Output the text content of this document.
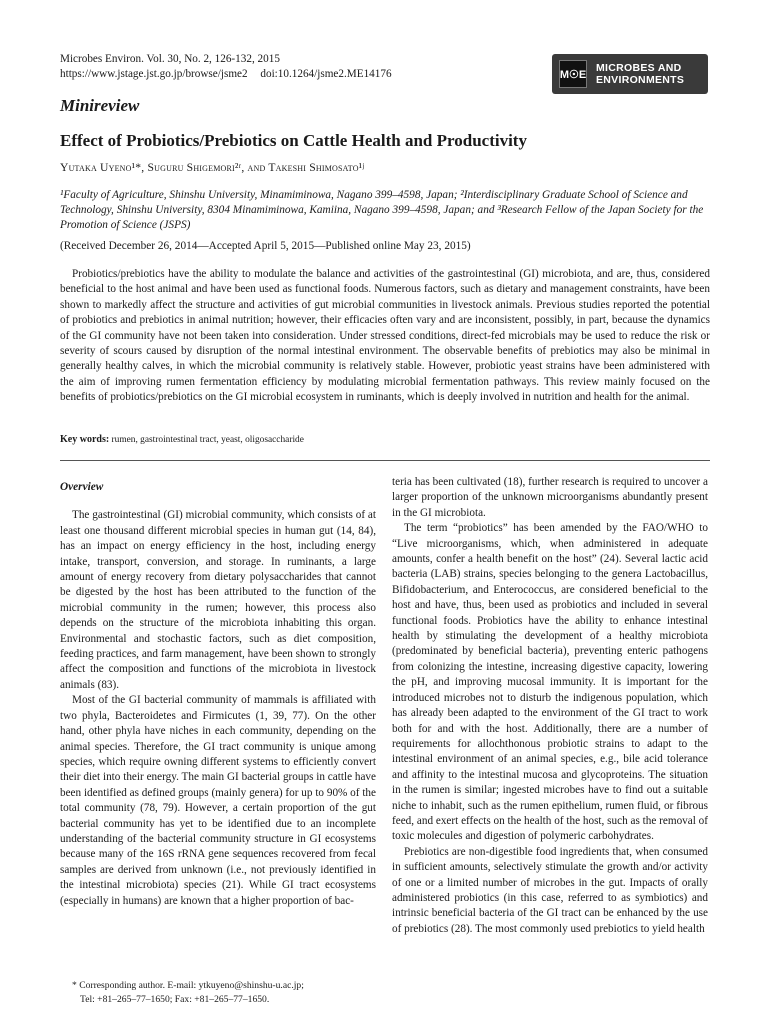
Microbes Environ. Vol. 30, No. 2, 126-132, 2015
https://www.jstage.jst.go.jp/browse/jsme2 doi:10.1264/jsme2.ME14176	M☉E
MICROBES AND
ENVIRONMENTS
Minireview
Effect of Probiotics/Prebiotics on Cattle Health and Productivity
Yutaka Uyeno¹*, Suguru Shigemori²ʳ, and Takeshi Shimosato¹ʲ
¹Faculty of Agriculture, Shinshu University, Minamiminowa, Nagano 399–4598, Japan; ²Interdisciplinary Graduate School of Science and Technology, Shinshu University, 8304 Minamiminowa, Kamiina, Nagano 399–4598, Japan; and ³Research Fellow of the Japan Society for the Promotion of Science (JSPS)
(Received December 26, 2014—Accepted April 5, 2015—Published online May 23, 2015)

Probiotics/prebiotics have the ability to modulate the balance and activities of the gastrointestinal (GI) microbiota, and are, thus, considered beneficial to the host animal and have been used as functional foods. Numerous factors, such as dietary and management constraints, have been shown to markedly affect the structure and activities of gut microbial communities in livestock animals. Previous studies reported the potential of probiotics and prebiotics in animal nutrition; however, their efficacies often vary and are inconsistent, possibly, in part, because the dynamics of the GI community have not been taken into consideration. Under stressed conditions, direct-fed microbials may be used to reduce the risk or severity of scours caused by disruption of the normal intestinal environment. The observable benefits of prebiotics may also be minimal in generally healthy calves, in which the microbial community is relatively stable. However, probiotic yeast strains have been administered with the aim of improving rumen fermentation efficiency by modulating microbial fermentation pathways. This review mainly focused on the benefits of probiotics/prebiotics on the GI microbial ecosystem in ruminants, which is deeply involved in nutrition and health for the animal.

Key words: rumen, gastrointestinal tract, yeast, oligosaccharide
Overview

The gastrointestinal (GI) microbial community, which consists of at least one thousand different microbial species in human gut (14, 84), has an impact on energy efficiency in the host, including energy intake, transport, conversion, and storage. In ruminants, a large amount of energy recovery from dietary polysaccharides that cannot be digested by the host has been attributed to the function of the microbial community in the rumen; however, this process also depends on the structure of the microbiota inhabiting this organ. Environmental and stochastic factors, such as diet composition, feeding practices, and farm management, have been shown to strongly affect the composition and functions of the microbiota in livestock animals (83).

Most of the GI bacterial community of mammals is affiliated with two phyla, Bacteroidetes and Firmicutes (1, 39, 77). On the other hand, other phyla have niches in each community, depending on the animal species. Therefore, the GI tract community is unique among species, which require owning different systems to efficiently convert their diet into their energy. The main GI bacterial groups in cattle have been identified as defined groups (mainly genera) for up to 90% of the total community (78, 79). However, a certain proportion of the gut bacterial community has yet to be identified due to an incomplete understanding of the bacterial community structure in GI ecosystems because many of the 16S rRNA gene sequences recovered from fecal samples are derived from unknown (i.e., not previously identified in the intestinal microbiota) species (21). While GI tract ecosystems (especially in humans) are known that a higher proportion of bac-

teria has been cultivated (18), further research is required to uncover a larger proportion of the unknown microorganisms abundantly present in the GI microbiota.

The term “probiotics” has been amended by the FAO/WHO to “Live microorganisms, which, when administered in adequate amounts, confer a health benefit on the host” (24). Several lactic acid bacteria (LAB) strains, species belonging to the genera Lactobacillus, Bifidobacterium, and Enterococcus, are considered beneficial to the host and have, thus, been used as probiotics and included in several functional foods. Probiotics have the ability to enhance intestinal health by stimulating the development of a healthy microbiota (predominated by beneficial bacteria), preventing enteric pathogens from colonizing the intestine, increasing digestive capacity, lowering the pH, and improving mucosal immunity. It is important for the introduced microbes not to disturb the indigenous population, which has already been adapted to the environment of the GI tract to work both for and with the host. Additionally, there are a number of requirements for allochthonous probiotic strains to adapt to the intestinal environment of an animal species, e.g., bile acid tolerance and affinity to the intestinal mucosa and glycoproteins. The situation in the rumen is similar; ingested microbes have to find out a suitable niche to inhabit, such as the rumen epithelium, rumen fluid, or fibrous feed, and exert effects on the health of the host, such as the removal of toxic molecules and digestion of polymeric carbohydrates.

Prebiotics are non-digestible food ingredients that, when consumed in sufficient amounts, selectively stimulate the growth and/or activity of one or a limited number of microbes in the gut. Impacts of orally administered probiotics (in this case, referred to as symbiotics) and intrinsic beneficial bacteria of the GI tract can be enhanced by the use of prebiotics (28). The most commonly used prebiotics to yield health

* Corresponding author. E-mail: ytkuyeno@shinshu-u.ac.jp;
Tel: +81–265–77–1650; Fax: +81–265–77–1650.
